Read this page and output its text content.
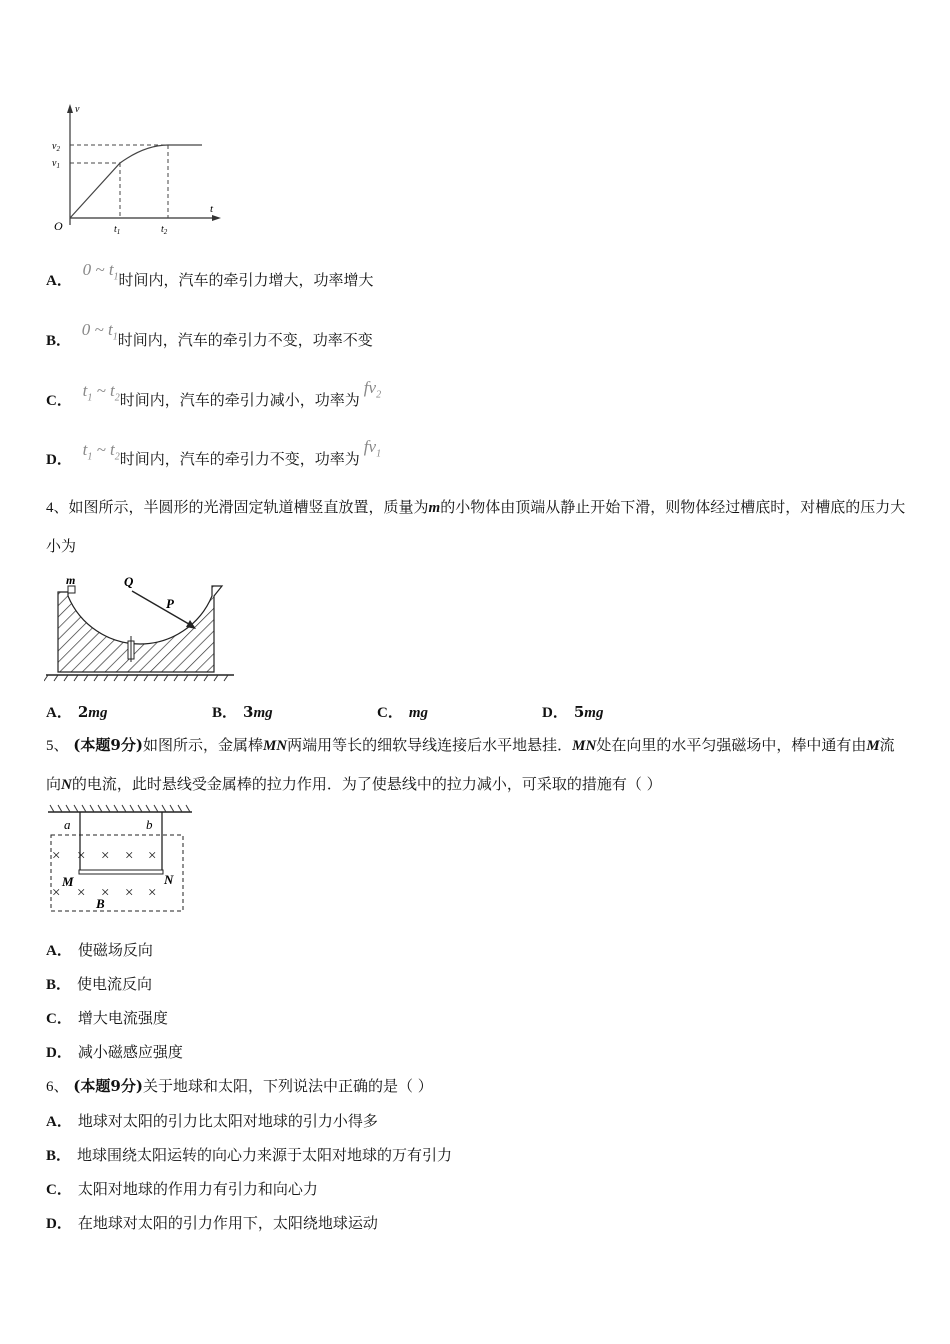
v
t
O
$v_2$
$v_1$
$t_1$	$t_2$
A． 0 ~ $t_1$时间内，汽车的牵引力增大，功率增大
B． 0 ~ $t_1$时间内，汽车的牵引力不变，功率不变
C． $t_1$ ~ $t_2$时间内，汽车的牵引力减小，功率为$fv_2$
D． $t_1$ ~ $t_2$时间内，汽车的牵引力不变，功率为$fv_1$
4、如图所示，半圆形的光滑固定轨道槽竖直放置，质量为m的小物体由顶端从静止开始下滑，则物体经过槽底时，对槽底的压力大小为
m	Q
P
A． 2mg	B． 3mg	C． mg	D． 5mg
5、 (本题9分)如图所示，金属棒MN两端用等长的细软导线连接后水平地悬挂．MN处在向里的水平匀强磁场中，棒中通有由M流向N的电流，此时悬线受金属棒的拉力作用．为了使悬线中的拉力减小，可采取的措施有（ ）
× × × × ×
× × × × ×
a	b
M	N
B
A． 使磁场反向
B． 使电流反向
C． 增大电流强度
D． 减小磁感应强度
6、 (本题9分)关于地球和太阳，下列说法中正确的是（ ）
A． 地球对太阳的引力比太阳对地球的引力小得多
B． 地球围绕太阳运转的向心力来源于太阳对地球的万有引力
C． 太阳对地球的作用力有引力和向心力
D． 在地球对太阳的引力作用下，太阳绕地球运动
